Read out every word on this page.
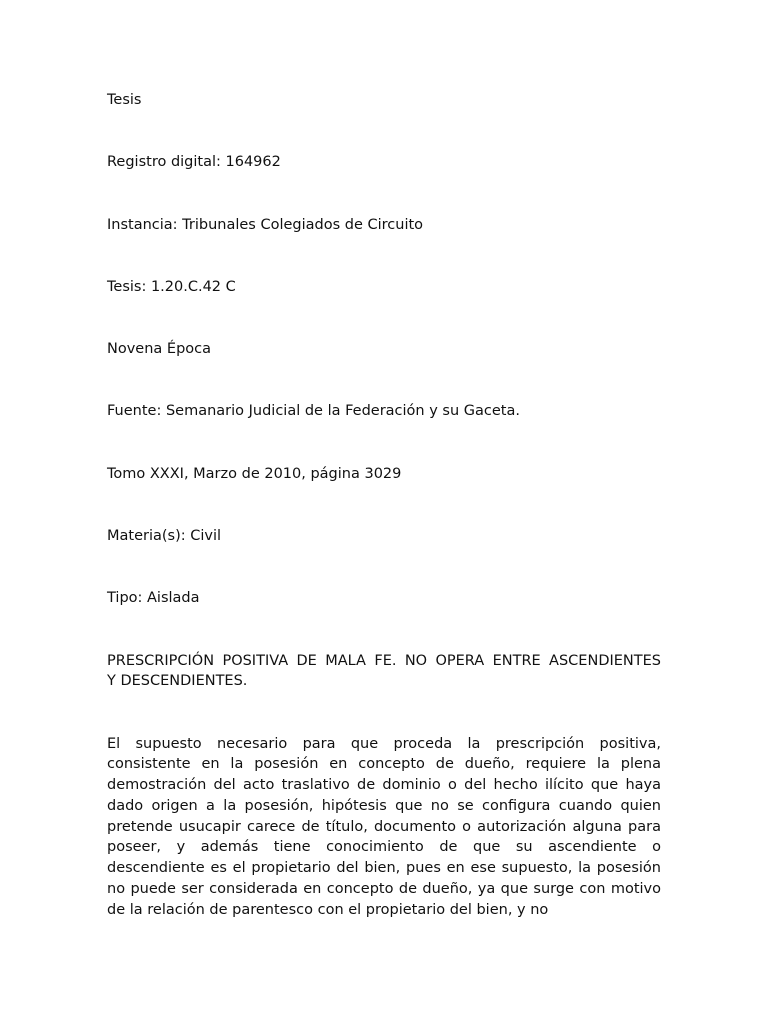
Tesis

Registro digital: 164962

Instancia: Tribunales Colegiados de Circuito

Tesis: 1.20.C.42 C

Novena Época

Fuente: Semanario Judicial de la Federación y su Gaceta.

Tomo XXXI, Marzo de 2010, página 3029

Materia(s): Civil

Tipo: Aislada

PRESCRIPCIÓN POSITIVA DE MALA FE. NO OPERA ENTRE ASCENDIENTES

Y DESCENDIENTES.

El supuesto necesario para que proceda la prescripción positiva, consistente en la posesión en concepto de dueño, requiere la plena demostración del acto traslativo de dominio o del hecho ilícito que haya dado origen a la posesión, hipótesis que no se configura cuando quien pretende usucapir carece de título, documento o autorización alguna para poseer, y además tiene conocimiento de que su ascendiente o descendiente es el propietario del bien, pues en ese supuesto, la posesión no puede ser considerada en concepto de dueño, ya que surge con motivo de la relación de parentesco con el propietario del bien, y no
